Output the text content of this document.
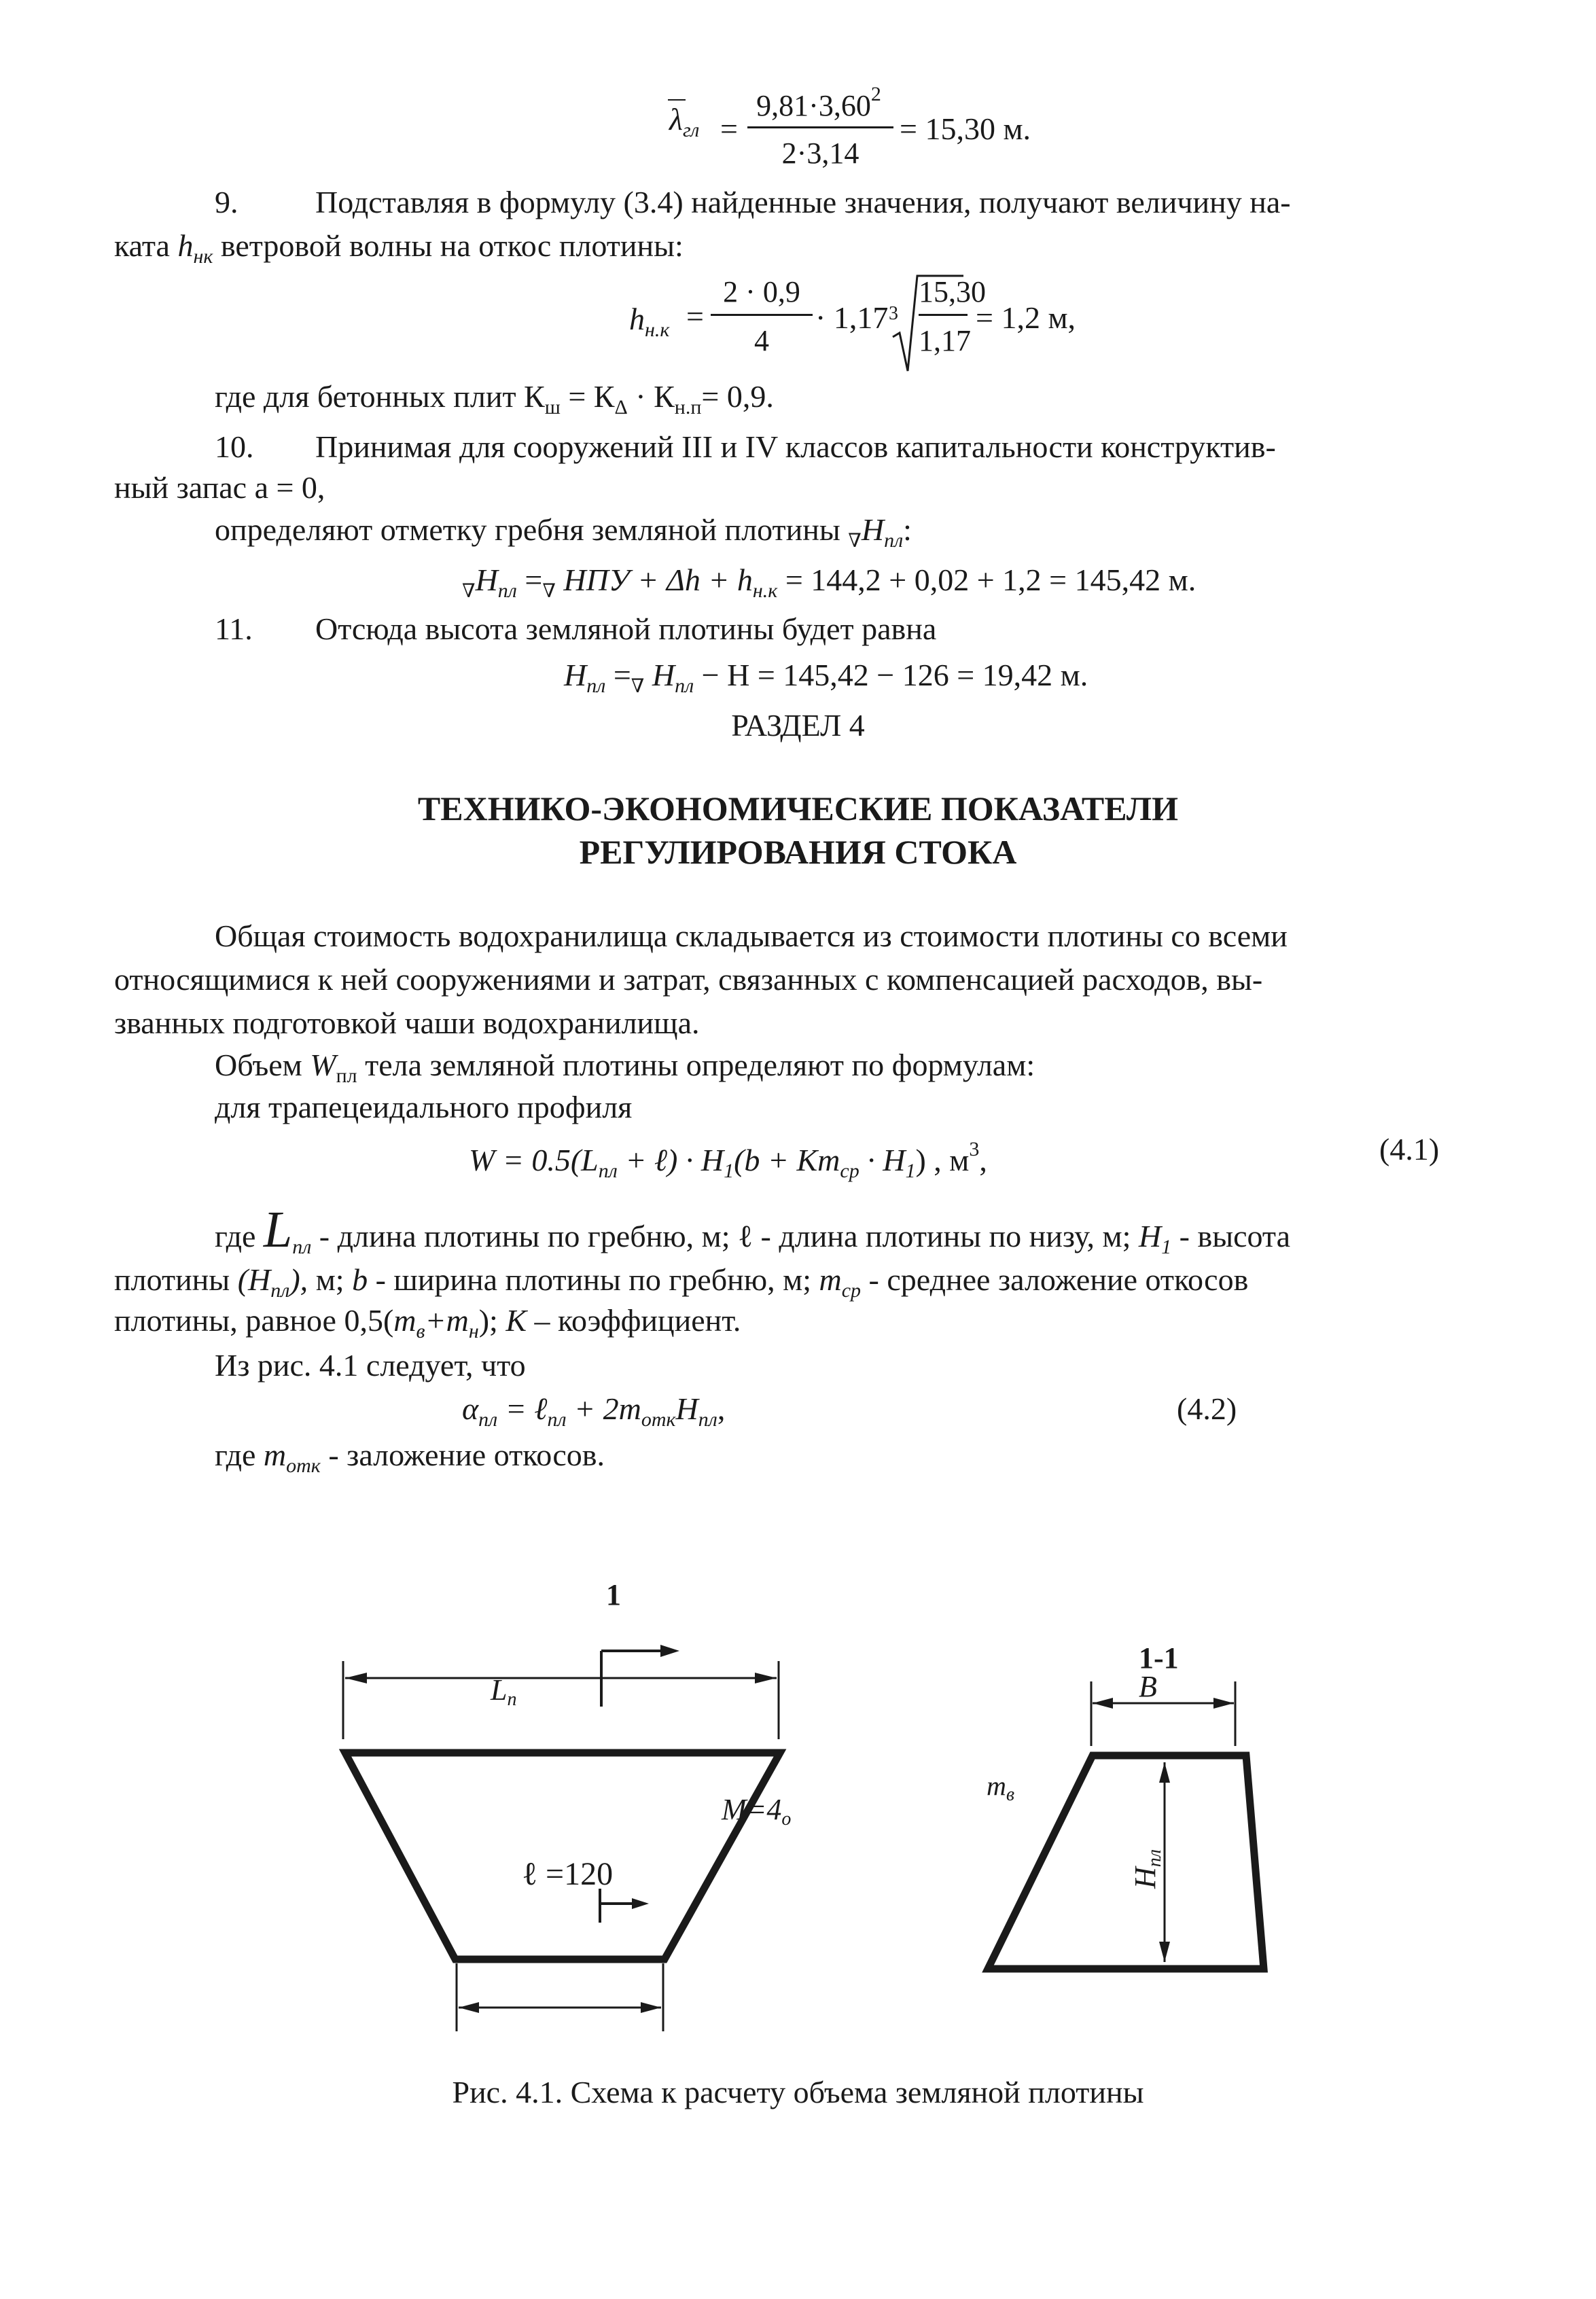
$\lambda_{гл}$ =
$9,81\cdot 3,60^2$
2·3,14
= 15,30 м.
9. Подставляя в формулу (3.4) найденные значения, получают величину на-
ката $h_{нк}$ ветровой волны на откос плотины:
$h_{н.к}$ =
2 · 0,9
4
· 1,17 3
15,30
1,17
= 1,2 м,
где для бетонных плит $К_ш = К_\Delta \cdot К_{н.п}= 0,9$.
10. Принимая для сооружений III и IV классов капитальности конструктив-
ный запас a = 0,
определяют отметку гребня земляной плотины $_\nabla H_{пл}$:
$_\nabla H_{пл} =_\nabla$ НПУ + $\Delta h + h_{н.к} = 144,2 + 0,02 + 1,2 = 145,42$ м.
11. Отсюда высота земляной плотины будет равна
$H_{пл} =_\nabla$ $H_{пл} - H = 145,42 - 126 = 19,42$ м.
РАЗДЕЛ 4
ТЕХНИКО-ЭКОНОМИЧЕСКИЕ ПОКАЗАТЕЛИ
РЕГУЛИРОВАНИЯ СТОКА
Общая стоимость водохранилища складывается из стоимости плотины со всеми
относящимися к ней сооружениями и затрат, связанных с компенсацией расходов, вы-
званных подготовкой чаши водохранилища.
Объем $W_{пл}$ тела земляной плотины определяют по формулам:
для трапецеидального профиля
$W = 0.5(L_{пл}$ + ℓ) · $H_1(b + Km_{ср} \cdot H_1)$ , $м^3$,	(4.1)
где $L_{пл}$ - длина плотины по гребню, м; ℓ - длина плотины по низу, м; $H_1$ - высота
плотины $(H_{пл})$, м; b - ширина плотины по гребню, м; $m_{ср}$ - среднее заложение откосов
плотины, равное $0,5(m_в+m_н)$; K – коэффициент.
Из рис. 4.1 следует, что
$\alpha_{пл}$ = ℓ$_{пл}$ + $2m_{отк}H_{пл}$,	(4.2)
где $m_{отк}$ - заложение откосов.
1
Lп
M=4о
ℓ =120
1-1
B
$m_в$
Hпл
Рис. 4.1. Схема к расчету объема земляной плотины
